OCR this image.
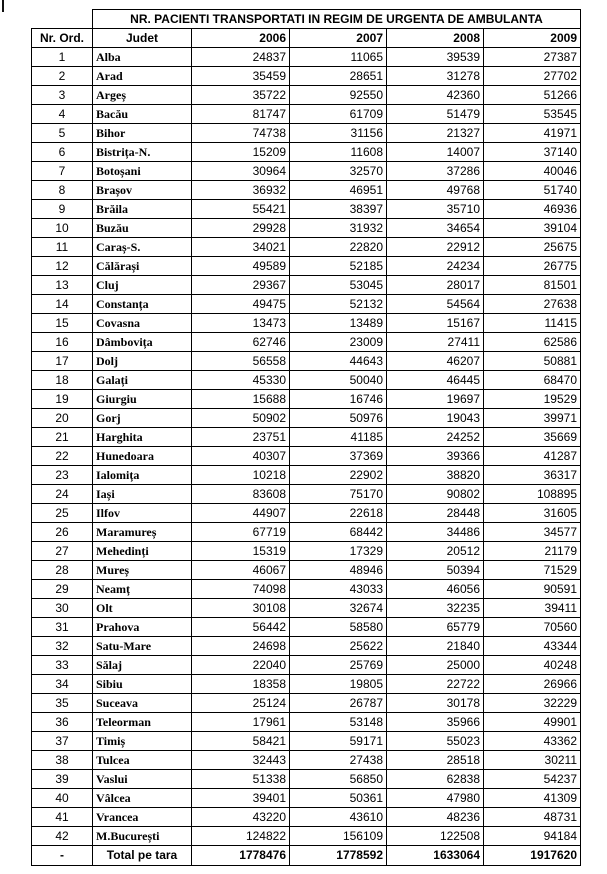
	NR. PACIENTI TRANSPORTATI IN REGIM DE URGENTA DE AMBULANTA				
Nr. Ord.	Judet	2006	2007	2008	2009
1	Alba	24837	11065	39539	27387
2	Arad	35459	28651	31278	27702
3	Argeș	35722	92550	42360	51266
4	Bacău	81747	61709	51479	53545
5	Bihor	74738	31156	21327	41971
6	Bistrița-N.	15209	11608	14007	37140
7	Botoșani	30964	32570	37286	40046
8	Brașov	36932	46951	49768	51740
9	Brăila	55421	38397	35710	46936
10	Buzău	29928	31932	34654	39104
11	Caraș-S.	34021	22820	22912	25675
12	Călărași	49589	52185	24234	26775
13	Cluj	29367	53045	28017	81501
14	Constanța	49475	52132	54564	27638
15	Covasna	13473	13489	15167	11415
16	Dâmbovița	62746	23009	27411	62586
17	Dolj	56558	44643	46207	50881
18	Galați	45330	50040	46445	68470
19	Giurgiu	15688	16746	19697	19529
20	Gorj	50902	50976	19043	39971
21	Harghita	23751	41185	24252	35669
22	Hunedoara	40307	37369	39366	41287
23	Ialomița	10218	22902	38820	36317
24	Iași	83608	75170	90802	108895
25	Ilfov	44907	22618	28448	31605
26	Maramureș	67719	68442	34486	34577
27	Mehedinți	15319	17329	20512	21179
28	Mureș	46067	48946	50394	71529
29	Neamț	74098	43033	46056	90591
30	Olt	30108	32674	32235	39411
31	Prahova	56442	58580	65779	70560
32	Satu-Mare	24698	25622	21840	43344
33	Sălaj	22040	25769	25000	40248
34	Sibiu	18358	19805	22722	26966
35	Suceava	25124	26787	30178	32229
36	Teleorman	17961	53148	35966	49901
37	Timiș	58421	59171	55023	43362
38	Tulcea	32443	27438	28518	30211
39	Vaslui	51338	56850	62838	54237
40	Vâlcea	39401	50361	47980	41309
41	Vrancea	43220	43610	48236	48731
42	M.București	124822	156109	122508	94184
-	Total pe tara	1778476	1778592	1633064	1917620
